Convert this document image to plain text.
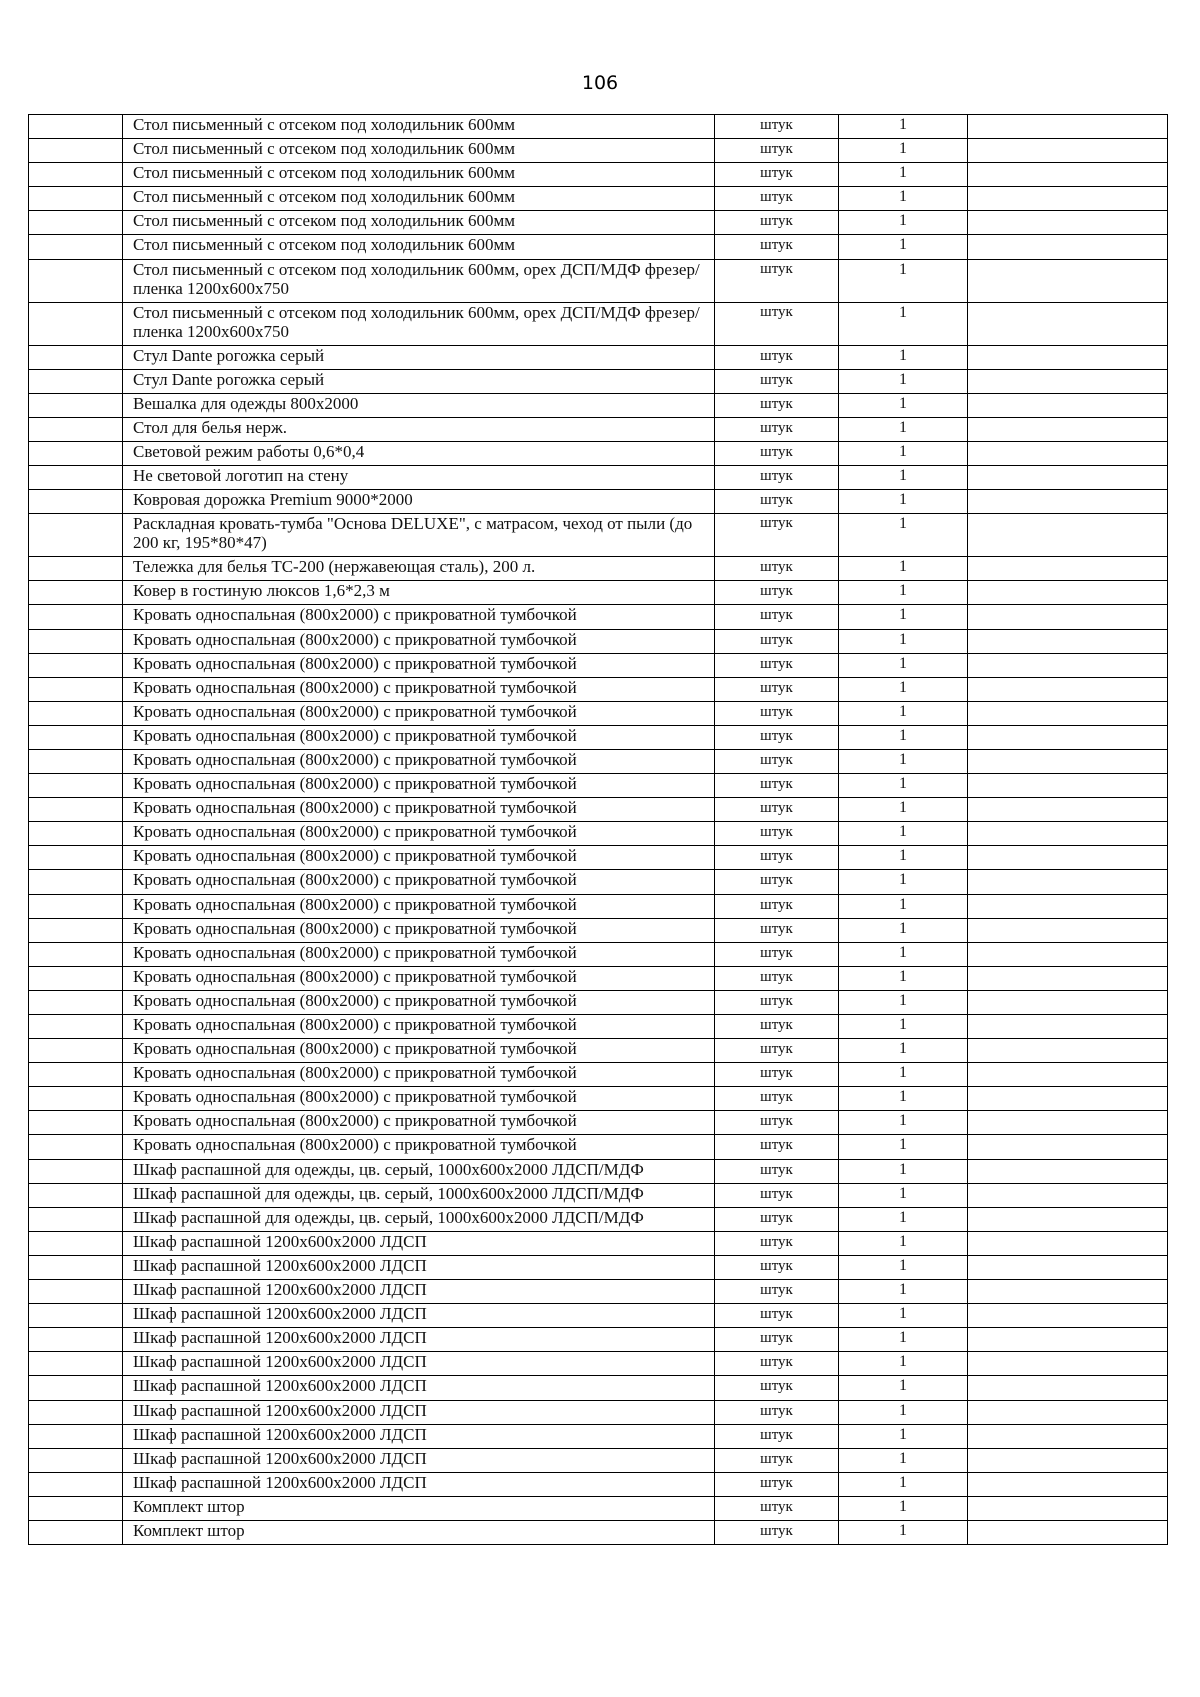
106
	Стол письменный с отсеком под холодильник 600мм	штук	1	
	Стол письменный с отсеком под холодильник 600мм	штук	1	
	Стол письменный с отсеком под холодильник 600мм	штук	1	
	Стол письменный с отсеком под холодильник 600мм	штук	1	
	Стол письменный с отсеком под холодильник 600мм	штук	1	
	Стол письменный с отсеком под холодильник 600мм	штук	1	
	Стол письменный с отсеком под холодильник 600мм, орех ДСП/МДФ фрезер/пленка 1200х600х750	штук	1	
	Стол письменный с отсеком под холодильник 600мм, орех ДСП/МДФ фрезер/пленка 1200х600х750	штук	1	
	Стул Dante рогожка серый	штук	1	
	Стул Dante рогожка серый	штук	1	
	Вешалка для одежды 800х2000	штук	1	
	Стол для белья нерж.	штук	1	
	Световой режим работы 0,6*0,4	штук	1	
	Не световой логотип на стену	штук	1	
	Ковровая дорожка Premium 9000*2000	штук	1	
	Раскладная кровать-тумба "Основа DELUXE", с матрасом, чеход от пыли (до 200 кг, 195*80*47)	штук	1	
	Тележка для белья ТС-200 (нержавеющая сталь), 200 л.	штук	1	
	Ковер в гостиную люксов 1,6*2,3 м	штук	1	
	Кровать односпальная (800х2000) с прикроватной тумбочкой	штук	1	
	Кровать односпальная (800х2000) с прикроватной тумбочкой	штук	1	
	Кровать односпальная (800х2000) с прикроватной тумбочкой	штук	1	
	Кровать односпальная (800х2000) с прикроватной тумбочкой	штук	1	
	Кровать односпальная (800х2000) с прикроватной тумбочкой	штук	1	
	Кровать односпальная (800х2000) с прикроватной тумбочкой	штук	1	
	Кровать односпальная (800х2000) с прикроватной тумбочкой	штук	1	
	Кровать односпальная (800х2000) с прикроватной тумбочкой	штук	1	
	Кровать односпальная (800х2000) с прикроватной тумбочкой	штук	1	
	Кровать односпальная (800х2000) с прикроватной тумбочкой	штук	1	
	Кровать односпальная (800х2000) с прикроватной тумбочкой	штук	1	
	Кровать односпальная (800х2000) с прикроватной тумбочкой	штук	1	
	Кровать односпальная (800х2000) с прикроватной тумбочкой	штук	1	
	Кровать односпальная (800х2000) с прикроватной тумбочкой	штук	1	
	Кровать односпальная (800х2000) с прикроватной тумбочкой	штук	1	
	Кровать односпальная (800х2000) с прикроватной тумбочкой	штук	1	
	Кровать односпальная (800х2000) с прикроватной тумбочкой	штук	1	
	Кровать односпальная (800х2000) с прикроватной тумбочкой	штук	1	
	Кровать односпальная (800х2000) с прикроватной тумбочкой	штук	1	
	Кровать односпальная (800х2000) с прикроватной тумбочкой	штук	1	
	Кровать односпальная (800х2000) с прикроватной тумбочкой	штук	1	
	Кровать односпальная (800х2000) с прикроватной тумбочкой	штук	1	
	Кровать односпальная (800х2000) с прикроватной тумбочкой	штук	1	
	Шкаф распашной для одежды, цв. серый, 1000х600х2000 ЛДСП/МДФ	штук	1	
	Шкаф распашной для одежды, цв. серый, 1000х600х2000 ЛДСП/МДФ	штук	1	
	Шкаф распашной для одежды, цв. серый, 1000х600х2000 ЛДСП/МДФ	штук	1	
	Шкаф распашной 1200х600х2000 ЛДСП	штук	1	
	Шкаф распашной 1200х600х2000 ЛДСП	штук	1	
	Шкаф распашной 1200х600х2000 ЛДСП	штук	1	
	Шкаф распашной 1200х600х2000 ЛДСП	штук	1	
	Шкаф распашной 1200х600х2000 ЛДСП	штук	1	
	Шкаф распашной 1200х600х2000 ЛДСП	штук	1	
	Шкаф распашной 1200х600х2000 ЛДСП	штук	1	
	Шкаф распашной 1200х600х2000 ЛДСП	штук	1	
	Шкаф распашной 1200х600х2000 ЛДСП	штук	1	
	Шкаф распашной 1200х600х2000 ЛДСП	штук	1	
	Шкаф распашной 1200х600х2000 ЛДСП	штук	1	
	Комплект штор	штук	1	
	Комплект штор	штук	1	
